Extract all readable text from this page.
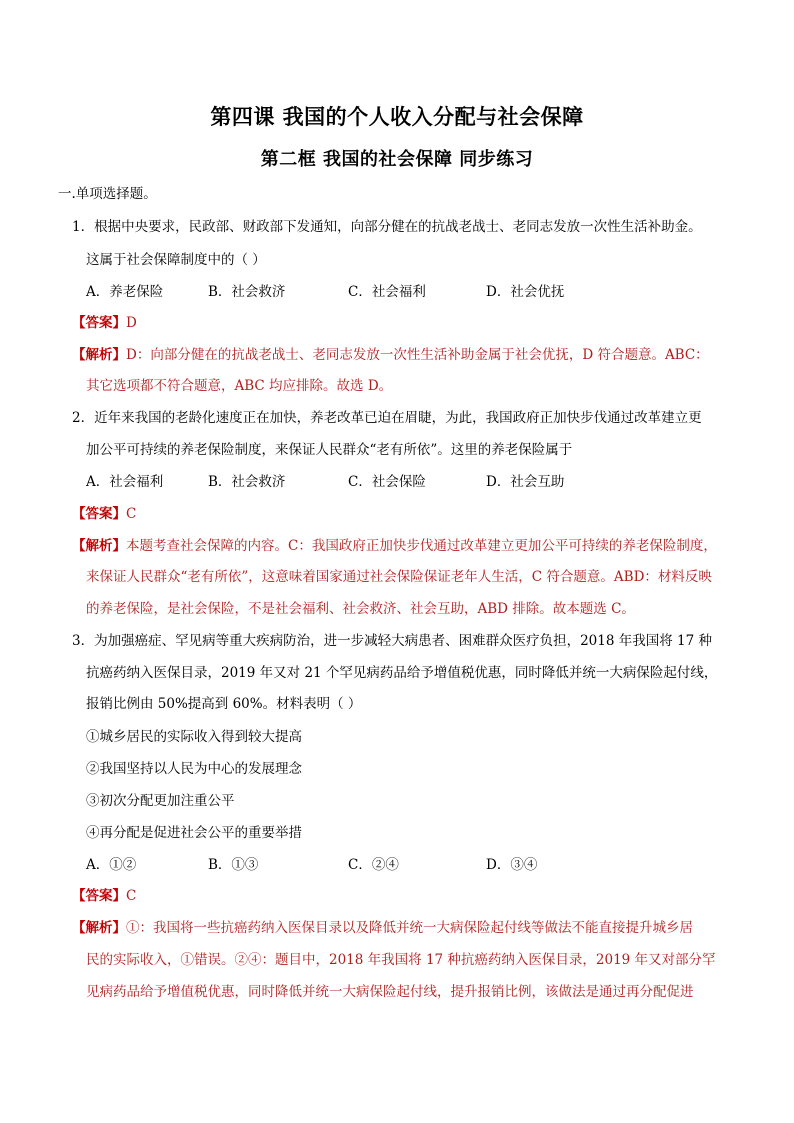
第四课 我国的个人收入分配与社会保障
第二框 我国的社会保障 同步练习
一.单项选择题。
1．根据中央要求，民政部、财政部下发通知，向部分健在的抗战老战士、老同志发放一次性生活补助金。
这属于社会保障制度中的（ ）
A．养老保险	B．社会救济	C．社会福利	D．社会优抚
【答案】D
【解析】D：向部分健在的抗战老战士、老同志发放一次性生活补助金属于社会优抚，D 符合题意。ABC：
其它选项都不符合题意，ABC 均应排除。故选 D。
2．近年来我国的老龄化速度正在加快，养老改革已迫在眉睫，为此，我国政府正加快步伐通过改革建立更
加公平可持续的养老保险制度，来保证人民群众“老有所依”。这里的养老保险属于
A．社会福利	B．社会救济	C．社会保险	D．社会互助
【答案】C
【解析】本题考查社会保障的内容。C：我国政府正加快步伐通过改革建立更加公平可持续的养老保险制度，
来保证人民群众“老有所依”，这意味着国家通过社会保险保证老年人生活，C 符合题意。ABD：材料反映
的养老保险，是社会保险，不是社会福利、社会救济、社会互助，ABD 排除。故本题选 C。
3．为加强癌症、罕见病等重大疾病防治，进一步减轻大病患者、困难群众医疗负担，2018 年我国将 17 种
抗癌药纳入医保目录，2019 年又对 21 个罕见病药品给予增值税优惠，同时降低并统一大病保险起付线，
报销比例由 50%提高到 60%。材料表明（ ）
①城乡居民的实际收入得到较大提高
②我国坚持以人民为中心的发展理念
③初次分配更加注重公平
④再分配是促进社会公平的重要举措
A．①②	B．①③	C．②④	D．③④
【答案】C
【解析】①：我国将一些抗癌药纳入医保目录以及降低并统一大病保险起付线等做法不能直接提升城乡居
民的实际收入，①错误。②④：题目中，2018 年我国将 17 种抗癌药纳入医保目录，2019 年又对部分罕
见病药品给予增值税优惠，同时降低并统一大病保险起付线，提升报销比例，该做法是通过再分配促进
